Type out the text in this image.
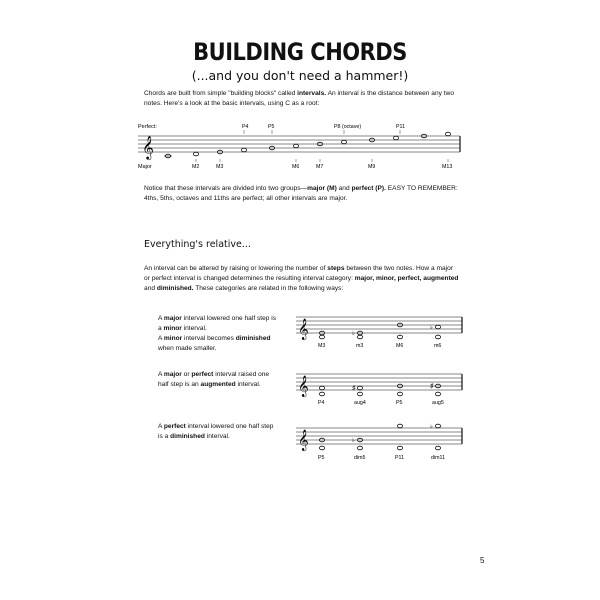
BUILDING CHORDS
(...and you don't need a hammer!)
Chords are built from simple "building blocks" called intervals. An interval is the distance between any two notes. Here's a look at the basic intervals, using C as a root:
Perfect:
𝄞
P4	P5	P8 (octave)	P11
Major	M2	M3	M6	M7	M9	M13
Notice that these intervals are divided into two groups—major (M) and perfect (P). EASY TO REMEMBER: 4ths, 5ths, octaves and 11ths are perfect; all other intervals are major.
Everything's relative...
An interval can be altered by raising or lowering the number of steps between the two notes. How a major or perfect interval is changed determines the resulting interval category: major, minor, perfect, augmented and diminished. These categories are related in the following ways:
A major interval lowered one half step is a minor interval.
A minor interval becomes diminished when made smaller.
𝄞	♭
♭
M3	m3	M6	m6
A major or perfect interval raised one half step is an augmented interval.	𝄞	♯	♯
P4	aug4	P5	aug5
A perfect interval lowered one half step is a diminished interval.	𝄞	♭
♭
P5	dim5	P11	dim11
5
